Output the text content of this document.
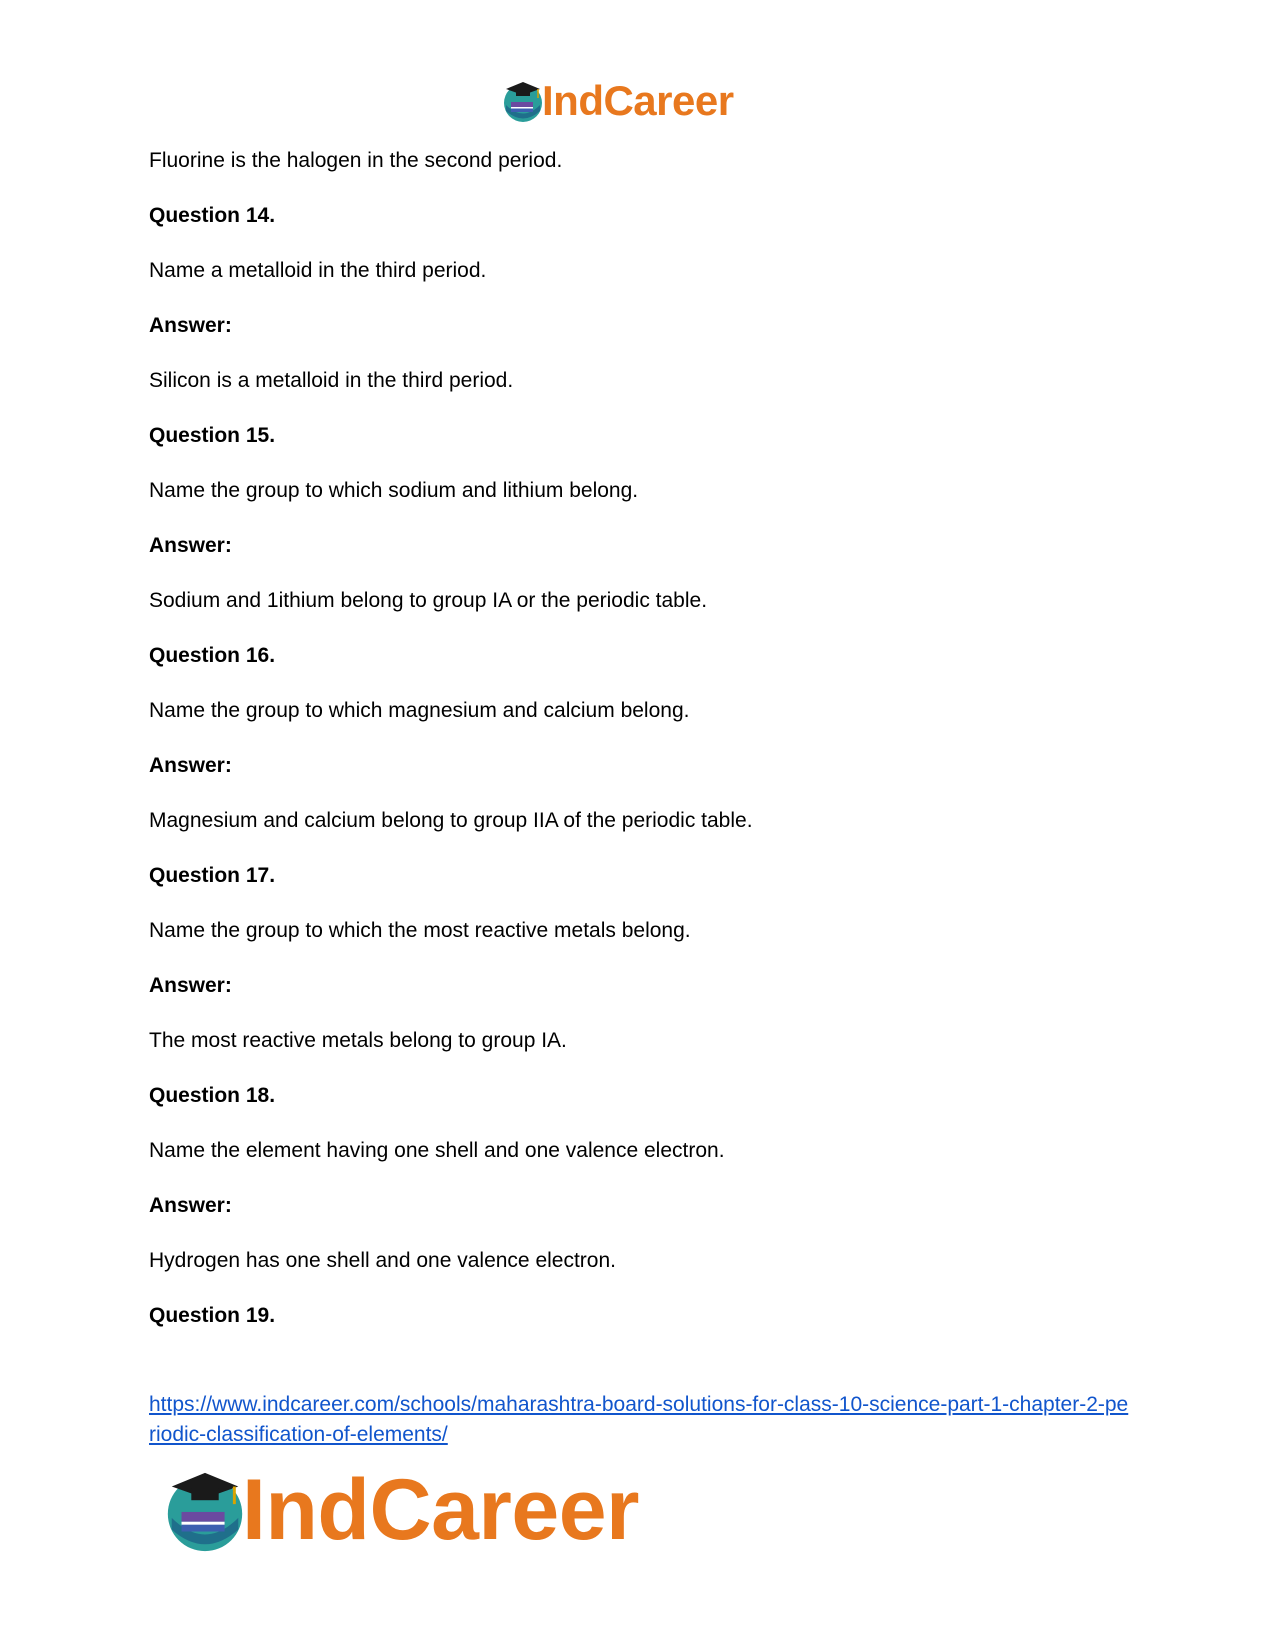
IndCareer
Fluorine is the halogen in the second period.
Question 14.
Name a metalloid in the third period.
Answer:
Silicon is a metalloid in the third period.
Question 15.
Name the group to which sodium and lithium belong.
Answer:
Sodium and 1ithium belong to group IA or the periodic table.
Question 16.
Name the group to which magnesium and calcium belong.
Answer:
Magnesium and calcium belong to group IIA of the periodic table.
Question 17.
Name the group to which the most reactive metals belong.
Answer:
The most reactive metals belong to group IA.
Question 18.
Name the element having one shell and one valence electron.
Answer:
Hydrogen has one shell and one valence electron.
Question 19.
https://www.indcareer.com/schools/maharashtra-board-solutions-for-class-10-science-part-1-chapter-2-periodic-classification-of-elements/
IndCareer
